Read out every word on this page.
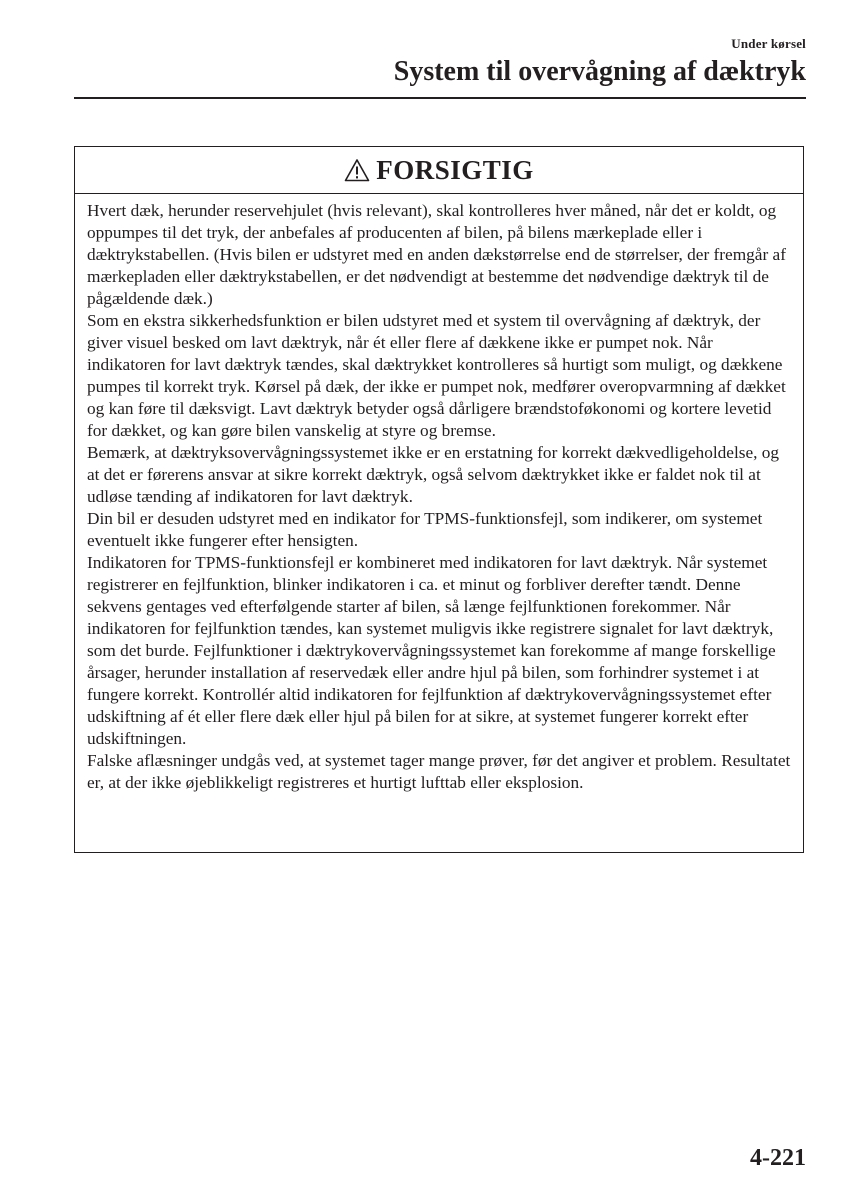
Under kørsel
System til overvågning af dæktryk
FORSIGTIG

Hvert dæk, herunder reservehjulet (hvis relevant), skal kontrolleres hver måned, når det er koldt, og oppumpes til det tryk, der anbefales af producenten af bilen, på bilens mærkeplade eller i dæktrykstabellen. (Hvis bilen er udstyret med en anden dækstørrelse end de størrelser, der fremgår af mærkepladen eller dæktrykstabellen, er det nødvendigt at bestemme det nødvendige dæktryk til de pågældende dæk.)

Som en ekstra sikkerhedsfunktion er bilen udstyret med et system til overvågning af dæktryk, der giver visuel besked om lavt dæktryk, når ét eller flere af dækkene ikke er pumpet nok. Når indikatoren for lavt dæktryk tændes, skal dæktrykket kontrolleres så hurtigt som muligt, og dækkene pumpes til korrekt tryk. Kørsel på dæk, der ikke er pumpet nok, medfører overopvarmning af dækket og kan føre til dæksvigt. Lavt dæktryk betyder også dårligere brændstoføkonomi og kortere levetid for dækket, og kan gøre bilen vanskelig at styre og bremse.

Bemærk, at dæktryksovervågningssystemet ikke er en erstatning for korrekt dækvedligeholdelse, og at det er førerens ansvar at sikre korrekt dæktryk, også selvom dæktrykket ikke er faldet nok til at udløse tænding af indikatoren for lavt dæktryk.

Din bil er desuden udstyret med en indikator for TPMS-funktionsfejl, som indikerer, om systemet eventuelt ikke fungerer efter hensigten.

Indikatoren for TPMS-funktionsfejl er kombineret med indikatoren for lavt dæktryk. Når systemet registrerer en fejlfunktion, blinker indikatoren i ca. et minut og forbliver derefter tændt. Denne sekvens gentages ved efterfølgende starter af bilen, så længe fejlfunktionen forekommer. Når indikatoren for fejlfunktion tændes, kan systemet muligvis ikke registrere signalet for lavt dæktryk, som det burde. Fejlfunktioner i dæktrykovervågningssystemet kan forekomme af mange forskellige årsager, herunder installation af reservedæk eller andre hjul på bilen, som forhindrer systemet i at fungere korrekt. Kontrollér altid indikatoren for fejlfunktion af dæktrykovervågningssystemet efter udskiftning af ét eller flere dæk eller hjul på bilen for at sikre, at systemet fungerer korrekt efter udskiftningen.

Falske aflæsninger undgås ved, at systemet tager mange prøver, før det angiver et problem. Resultatet er, at der ikke øjeblikkeligt registreres et hurtigt lufttab eller eksplosion.

4-221
